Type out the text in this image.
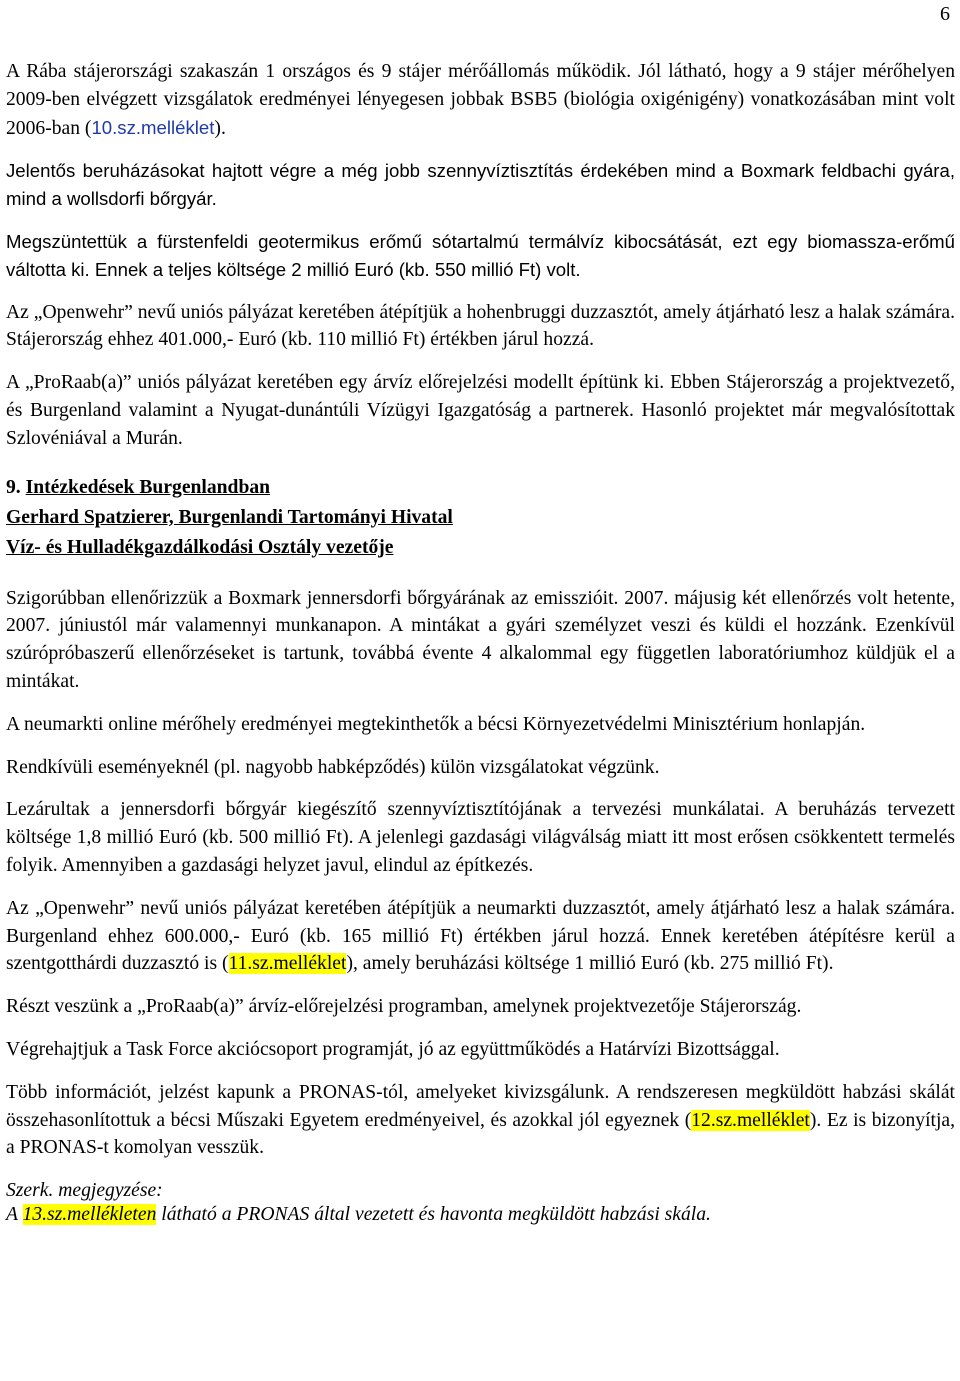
6

A Rába stájerországi szakaszán 1 országos és 9 stájer mérőállomás működik. Jól látható, hogy a 9 stájer mérőhelyen 2009-ben elvégzett vizsgálatok eredményei lényegesen jobbak BSB5 (biológia oxigénigény) vonatkozásában mint volt 2006-ban (10.sz.melléklet).

Jelentős beruházásokat hajtott végre a még jobb szennyvíztisztítás érdekében mind a Boxmark feldbachi gyára, mind a wollsdorfi bőrgyár.

Megszüntettük a fürstenfeldi geotermikus erőmű sótartalmú termálvíz kibocsátását, ezt egy biomassza-erőmű váltotta ki. Ennek a teljes költsége 2 millió Euró (kb. 550 millió Ft) volt.

Az „Openwehr” nevű uniós pályázat keretében átépítjük a hohenbruggi duzzasztót, amely átjárható lesz a halak számára. Stájerország ehhez 401.000,- Euró (kb. 110 millió Ft) értékben járul hozzá.

A „ProRaab(a)” uniós pályázat keretében egy árvíz előrejelzési modellt építünk ki. Ebben Stájerország a projektvezető, és Burgenland valamint a Nyugat-dunántúli Vízügyi Igazgatóság a partnerek. Hasonló projektet már megvalósítottak Szlovéniával a Murán.

9. Intézkedések Burgenlandban
Gerhard Spatzierer, Burgenlandi Tartományi Hivatal
Víz- és Hulladékgazdálkodási Osztály vezetője

Szigorúbban ellenőrizzük a Boxmark jennersdorfi bőrgyárának az emisszióit. 2007. májusig két ellenőrzés volt hetente, 2007. júniustól már valamennyi munkanapon. A mintákat a gyári személyzet veszi és küldi el hozzánk. Ezenkívül szúrópróbaszerű ellenőrzéseket is tartunk, továbbá évente 4 alkalommal egy független laboratóriumhoz küldjük el a mintákat.

A neumarkti online mérőhely eredményei megtekinthetők a bécsi Környezetvédelmi Minisztérium honlapján.

Rendkívüli eseményeknél (pl. nagyobb habképződés) külön vizsgálatokat végzünk.

Lezárultak a jennersdorfi bőrgyár kiegészítő szennyvíztisztítójának a tervezési munkálatai. A beruházás tervezett költsége 1,8 millió Euró (kb. 500 millió Ft). A jelenlegi gazdasági világválság miatt itt most erősen csökkentett termelés folyik. Amennyiben a gazdasági helyzet javul, elindul az építkezés.

Az „Openwehr” nevű uniós pályázat keretében átépítjük a neumarkti duzzasztót, amely átjárható lesz a halak számára. Burgenland ehhez 600.000,- Euró (kb. 165 millió Ft) értékben járul hozzá. Ennek keretében átépítésre kerül a szentgotthárdi duzzasztó is (11.sz.melléklet), amely beruházási költsége 1 millió Euró (kb. 275 millió Ft).

Részt veszünk a „ProRaab(a)” árvíz-előrejelzési programban, amelynek projektvezetője Stájerország.

Végrehajtjuk a Task Force akciócsoport programját, jó az együttműködés a Határvízi Bizottsággal.

Több információt, jelzést kapunk a PRONAS-tól, amelyeket kivizsgálunk. A rendszeresen megküldött habzási skálát összehasonlítottuk a bécsi Műszaki Egyetem eredményeivel, és azokkal jól egyeznek (12.sz.melléklet). Ez is bizonyítja, a PRONAS-t komolyan vesszük.

Szerk. megjegyzése:
A 13.sz.mellékleten látható a PRONAS által vezetett és havonta megküldött habzási skála.
